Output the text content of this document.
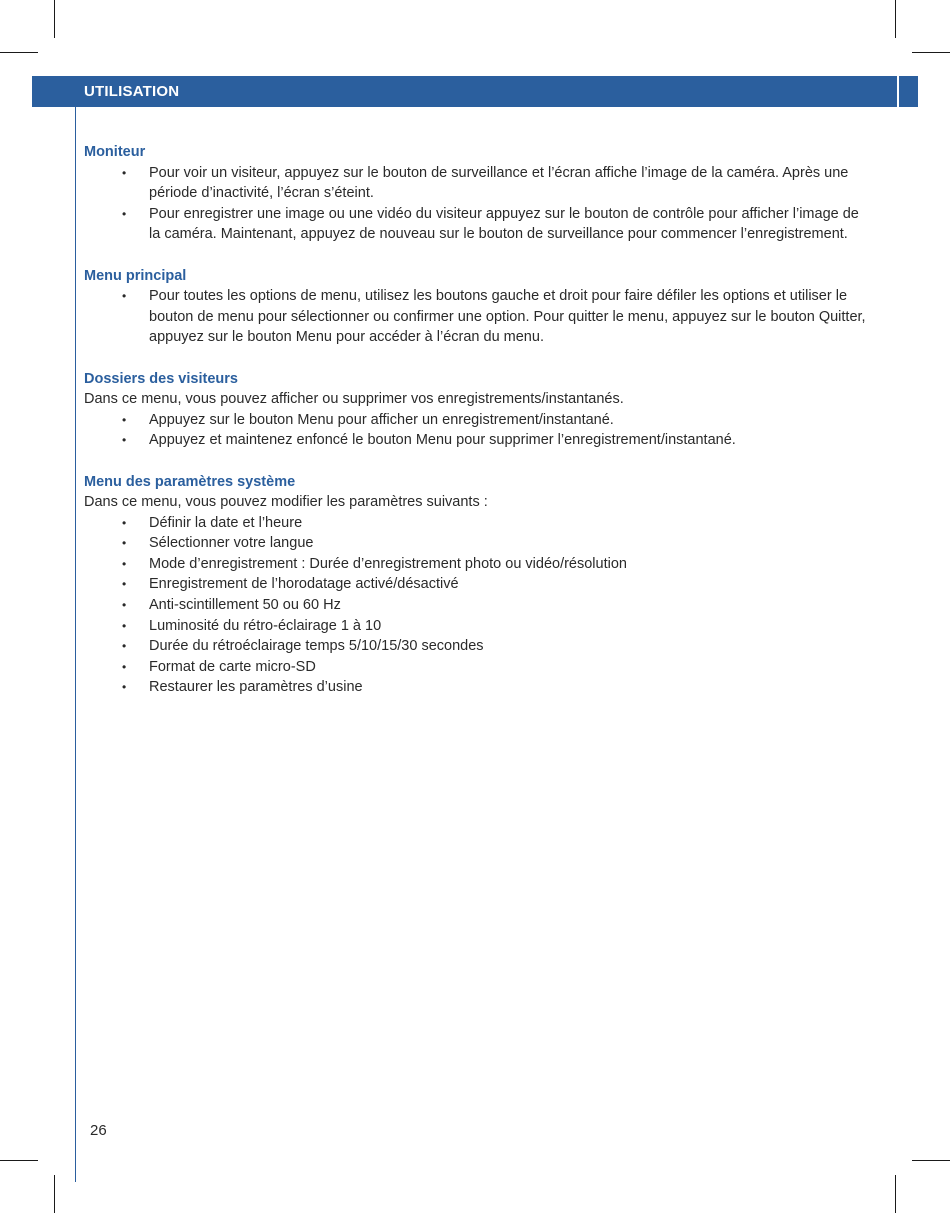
UTILISATION
Moniteur
• Pour voir un visiteur, appuyez sur le bouton de surveillance et l’écran affiche l’image de la caméra. Après une période d’inactivité, l’écran s’éteint.
• Pour enregistrer une image ou une vidéo du visiteur appuyez sur le bouton de contrôle pour afficher l’image de la caméra. Maintenant, appuyez de nouveau sur le bouton de surveillance pour commencer l’enregistrement.
Menu principal
• Pour toutes les options de menu, utilisez les boutons gauche et droit pour faire défiler les options et utiliser le bouton de menu pour sélectionner ou confirmer une option. Pour quitter le menu, appuyez sur le bouton Quitter, appuyez sur le bouton Menu pour accéder à l’écran du menu.
Dossiers des visiteurs

Dans ce menu, vous pouvez afficher ou supprimer vos enregistrements/instantanés.

• Appuyez sur le bouton Menu pour afficher un enregistrement/instantané.
• Appuyez et maintenez enfoncé le bouton Menu pour supprimer l’enregistrement/instantané.
Menu des paramètres système

Dans ce menu, vous pouvez modifier les paramètres suivants :

• Définir la date et l’heure
• Sélectionner votre langue
• Mode d’enregistrement : Durée d’enregistrement photo ou vidéo/résolution
• Enregistrement de l’horodatage activé/désactivé
• Anti-scintillement 50 ou 60 Hz
• Luminosité du rétro-éclairage 1 à 10
• Durée du rétroéclairage temps 5/10/15/30 secondes
• Format de carte micro-SD
• Restaurer les paramètres d’usine
26
